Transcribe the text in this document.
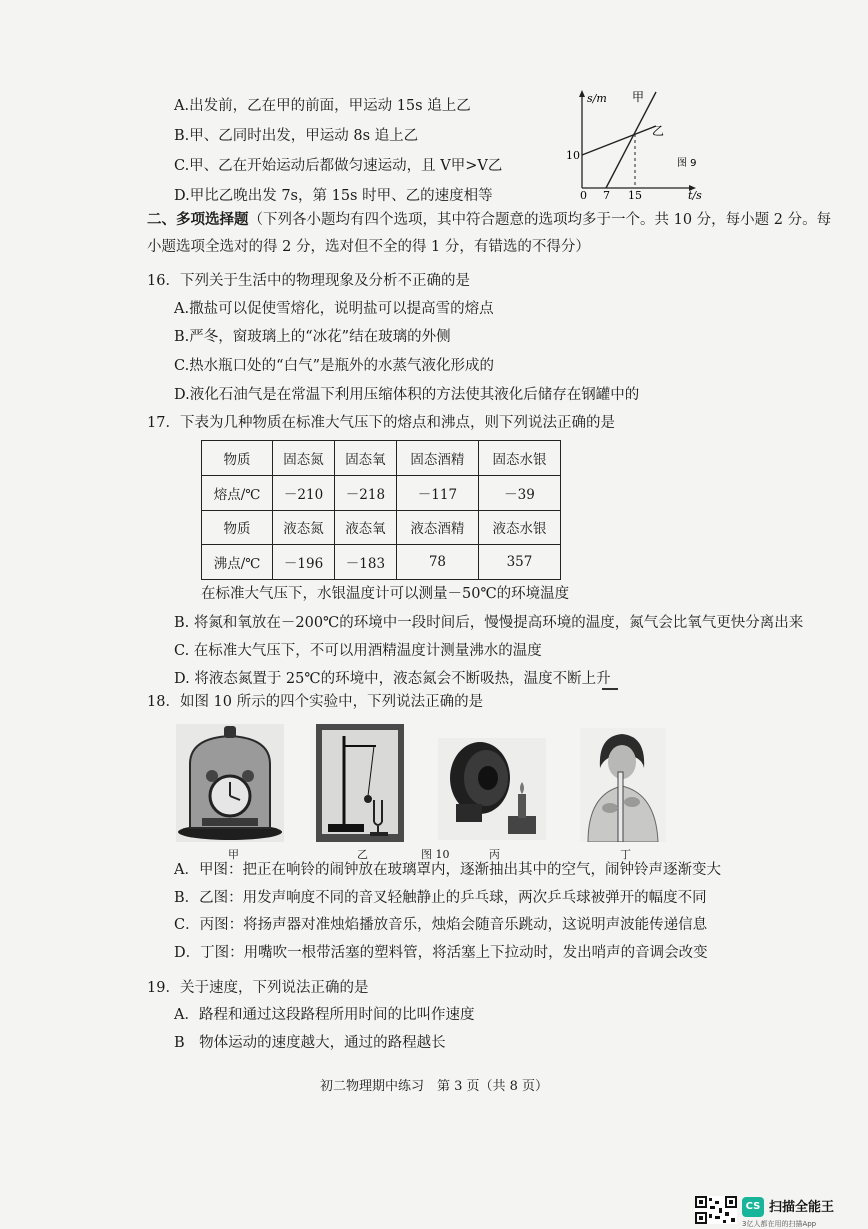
A.出发前，乙在甲的前面，甲运动 15s 追上乙
B.甲、乙同时出发，甲运动 8s 追上乙
C.甲、乙在开始运动后都做匀速运动，且 V甲>V乙
D.甲比乙晚出发 7s，第 15s 时甲、乙的速度相等
s/m 甲
乙
图 9
10
0 7 15	t/s
二、多项选择题（下列各小题均有四个选项，其中符合题意的选项均多于一个。共 10 分，每小题 2 分。每
小题选项全选对的得 2 分，选对但不全的得 1 分，有错选的不得分）
16．下列关于生活中的物理现象及分析不正确的是
A.撒盐可以促使雪熔化，说明盐可以提高雪的熔点
B.严冬，窗玻璃上的“冰花”结在玻璃的外侧
C.热水瓶口处的“白气”是瓶外的水蒸气液化形成的
D.液化石油气是在常温下利用压缩体积的方法使其液化后储存在钢罐中的
17．下表为几种物质在标准大气压下的熔点和沸点，则下列说法正确的是
物质	固态氮	固态氧	固态酒精	固态水银
熔点/℃	－210	－218	－117	－39
物质	液态氮	液态氧	液态酒精	液态水银
沸点/℃	－196	－183	78	357
在标准大气压下，水银温度计可以测量－50℃的环境温度
B. 将氮和氧放在－200℃的环境中一段时间后，慢慢提高环境的温度，氮气会比氧气更快分离出来
C. 在标准大气压下，不可以用酒精温度计测量沸水的温度
D. 将液态氮置于 25℃的环境中，液态氮会不断吸热，温度不断上升
18．如图 10 所示的四个实验中，下列说法正确的是
甲	乙	图 10	丙	丁
A．甲图：把正在响铃的闹钟放在玻璃罩内，逐渐抽出其中的空气，闹钟铃声逐渐变大
B．乙图：用发声响度不同的音叉轻触静止的乒乓球，两次乒乓球被弹开的幅度不同
C．丙图：将扬声器对准烛焰播放音乐，烛焰会随音乐跳动，这说明声波能传递信息
D．丁图：用嘴吹一根带活塞的塑料管，将活塞上下拉动时，发出哨声的音调会改变
19．关于速度，下列说法正确的是
A．路程和通过这段路程所用时间的比叫作速度
B　物体运动的速度越大，通过的路程越长
初二物理期中练习　第 3 页（共 8 页）
CS 扫描全能王
3亿人都在用的扫描App
